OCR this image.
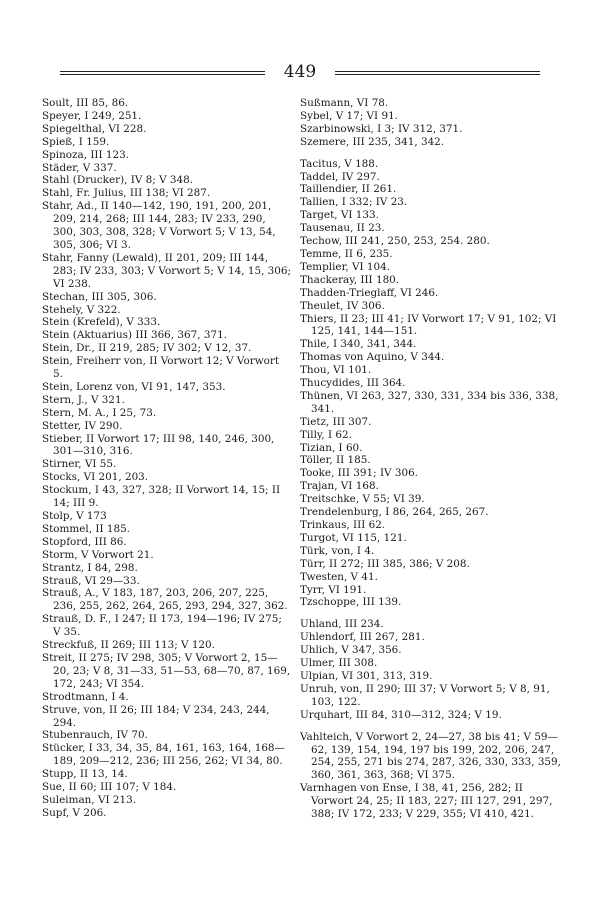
449

Soult, III 85, 86.

Speyer, I 249, 251.

Spiegelthal, VI 228.

Spieß, I 159.

Spinoza, III 123.

Städer, V 337.

Stahl (Drucker), IV 8; V 348.

Stahl, Fr. Julius, III 138; VI 287.

Stahr, Ad., II 140—142, 190, 191, 200, 201, 209, 214, 268; III 144, 283; IV 233, 290, 300, 303, 308, 328; V Vorwort 5; V 13, 54, 305, 306; VI 3.

Stahr, Fanny (Lewald), II 201, 209; III 144, 283; IV 233, 303; V Vorwort 5; V 14, 15, 306; VI 238.

Stechan, III 305, 306.

Stehely, V 322.

Stein (Krefeld), V 333.

Stein (Aktuarius) III 366, 367, 371.

Stein, Dr., II 219, 285; IV 302; V 12, 37.

Stein, Freiherr von, II Vorwort 12; V Vorwort 5.

Stein, Lorenz von, VI 91, 147, 353.

Stern, J., V 321.

Stern, M. A., I 25, 73.

Stetter, IV 290.

Stieber, II Vorwort 17; III 98, 140, 246, 300, 301—310, 316.

Stirner, VI 55.

Stocks, VI 201, 203.

Stockum, I 43, 327, 328; II Vorwort 14, 15; II 14; III 9.

Stolp, V 173

Stommel, II 185.

Stopford, III 86.

Storm, V Vorwort 21.

Strantz, I 84, 298.

Strauß, VI 29—33.

Strauß, A., V 183, 187, 203, 206, 207, 225, 236, 255, 262, 264, 265, 293, 294, 327, 362.

Strauß, D. F., I 247; II 173, 194—196; IV 275; V 35.

Streckfuß, II 269; III 113; V 120.

Streit, II 275; IV 298, 305; V Vorwort 2, 15—20, 23; V 8, 31—33, 51—53, 68—70, 87, 169, 172, 243; VI 354.

Strodtmann, I 4.

Struve, von, II 26; III 184; V 234, 243, 244, 294.

Stubenrauch, IV 70.

Stücker, I 33, 34, 35, 84, 161, 163, 164, 168—189, 209—212, 236; III 256, 262; VI 34, 80.

Stupp, II 13, 14.

Sue, II 60; III 107; V 184.

Suleiman, VI 213.

Supf, V 206.

Sußmann, VI 78.

Sybel, V 17; VI 91.

Szarbinowski, I 3; IV 312, 371.

Szemere, III 235, 341, 342.

Tacitus, V 188.

Taddel, IV 297.

Taillendier, II 261.

Tallien, I 332; IV 23.

Target, VI 133.

Tausenau, II 23.

Techow, III 241, 250, 253, 254. 280.

Temme, II 6, 235.

Templier, VI 104.

Thackeray, III 180.

Thadden-Trieglaff, VI 246.

Theulet, IV 306.

Thiers, II 23; III 41; IV Vorwort 17; V 91, 102; VI 125, 141, 144—151.

Thile, I 340, 341, 344.

Thomas von Aquino, V 344.

Thou, VI 101.

Thucydides, III 364.

Thünen, VI 263, 327, 330, 331, 334 bis 336, 338, 341.

Tietz, III 307.

Tilly, I 62.

Tizian, I 60.

Töller, II 185.

Tooke, III 391; IV 306.

Trajan, VI 168.

Treitschke, V 55; VI 39.

Trendelenburg, I 86, 264, 265, 267.

Trinkaus, III 62.

Turgot, VI 115, 121.

Türk, von, I 4.

Türr, II 272; III 385, 386; V 208.

Twesten, V 41.

Tyrr, VI 191.

Tzschoppe, III 139.

Uhland, III 234.

Uhlendorf, III 267, 281.

Uhlich, V 347, 356.

Ulmer, III 308.

Ulpian, VI 301, 313, 319.

Unruh, von, II 290; III 37; V Vorwort 5; V 8, 91, 103, 122.

Urquhart, III 84, 310—312, 324; V 19.

Vahlteich, V Vorwort 2, 24—27, 38 bis 41; V 59—62, 139, 154, 194, 197 bis 199, 202, 206, 247, 254, 255, 271 bis 274, 287, 326, 330, 333, 359, 360, 361, 363, 368; VI 375.

Varnhagen von Ense, I 38, 41, 256, 282; II Vorwort 24, 25; II 183, 227; III 127, 291, 297, 388; IV 172, 233; V 229, 355; VI 410, 421.
